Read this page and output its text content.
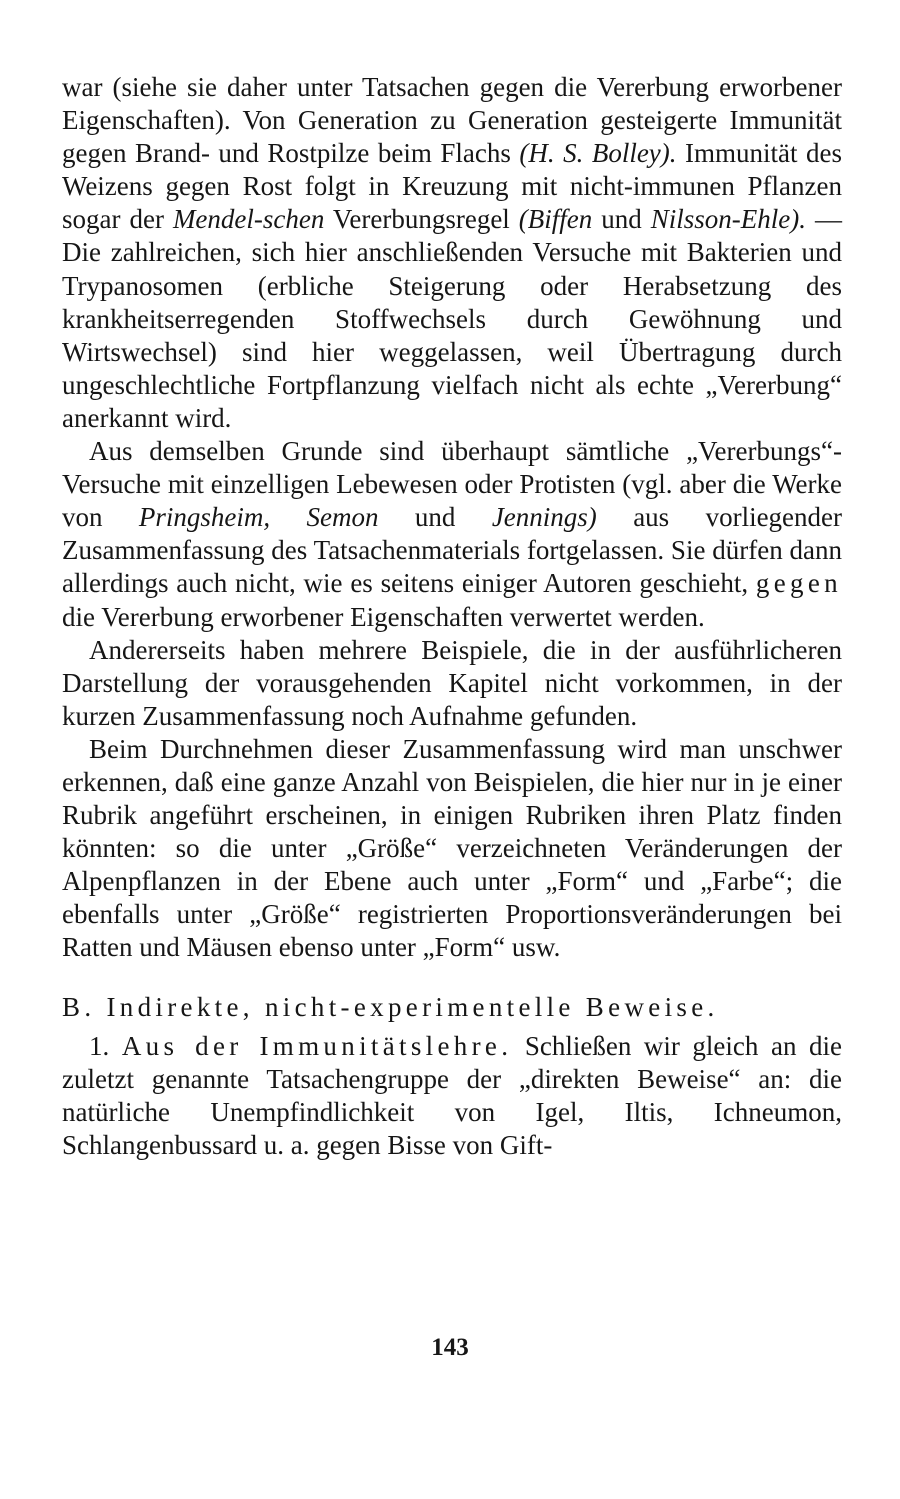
war (siehe sie daher unter Tatsachen gegen die Vererbung erworbener Eigenschaften). Von Generation zu Generation gesteigerte Immunität gegen Brand- und Rostpilze beim Flachs (H. S. Bolley). Immunität des Weizens gegen Rost folgt in Kreuzung mit nicht-immunen Pflanzen sogar der Mendel-schen Vererbungsregel (Biffen und Nilsson-Ehle). — Die zahlreichen, sich hier anschließenden Versuche mit Bakterien und Trypanosomen (erbliche Steigerung oder Herabsetzung des krankheitserregenden Stoffwechsels durch Gewöhnung und Wirtswechsel) sind hier weggelassen, weil Übertragung durch ungeschlechtliche Fortpflanzung vielfach nicht als echte „Vererbung“ anerkannt wird.

Aus demselben Grunde sind überhaupt sämtliche „Vererbungs“-Versuche mit einzelligen Lebewesen oder Protisten (vgl. aber die Werke von Pringsheim, Semon und Jennings) aus vorliegender Zusammenfassung des Tatsachenmaterials fortgelassen. Sie dürfen dann allerdings auch nicht, wie es seitens einiger Autoren geschieht, gegen die Vererbung erworbener Eigenschaften verwertet werden.

Andererseits haben mehrere Beispiele, die in der ausführlicheren Darstellung der vorausgehenden Kapitel nicht vorkommen, in der kurzen Zusammenfassung noch Aufnahme gefunden.

Beim Durchnehmen dieser Zusammenfassung wird man unschwer erkennen, daß eine ganze Anzahl von Beispielen, die hier nur in je einer Rubrik angeführt erscheinen, in einigen Rubriken ihren Platz finden könnten: so die unter „Größe“ verzeichneten Veränderungen der Alpenpflanzen in der Ebene auch unter „Form“ und „Farbe“; die ebenfalls unter „Größe“ registrierten Proportionsveränderungen bei Ratten und Mäusen ebenso unter „Form“ usw.

B. Indirekte, nicht-experimentelle Beweise.

1. Aus der Immunitätslehre. Schließen wir gleich an die zuletzt genannte Tatsachengruppe der „direkten Beweise“ an: die natürliche Unempfindlichkeit von Igel, Iltis, Ichneumon, Schlangenbussard u. a. gegen Bisse von Gift-

143
